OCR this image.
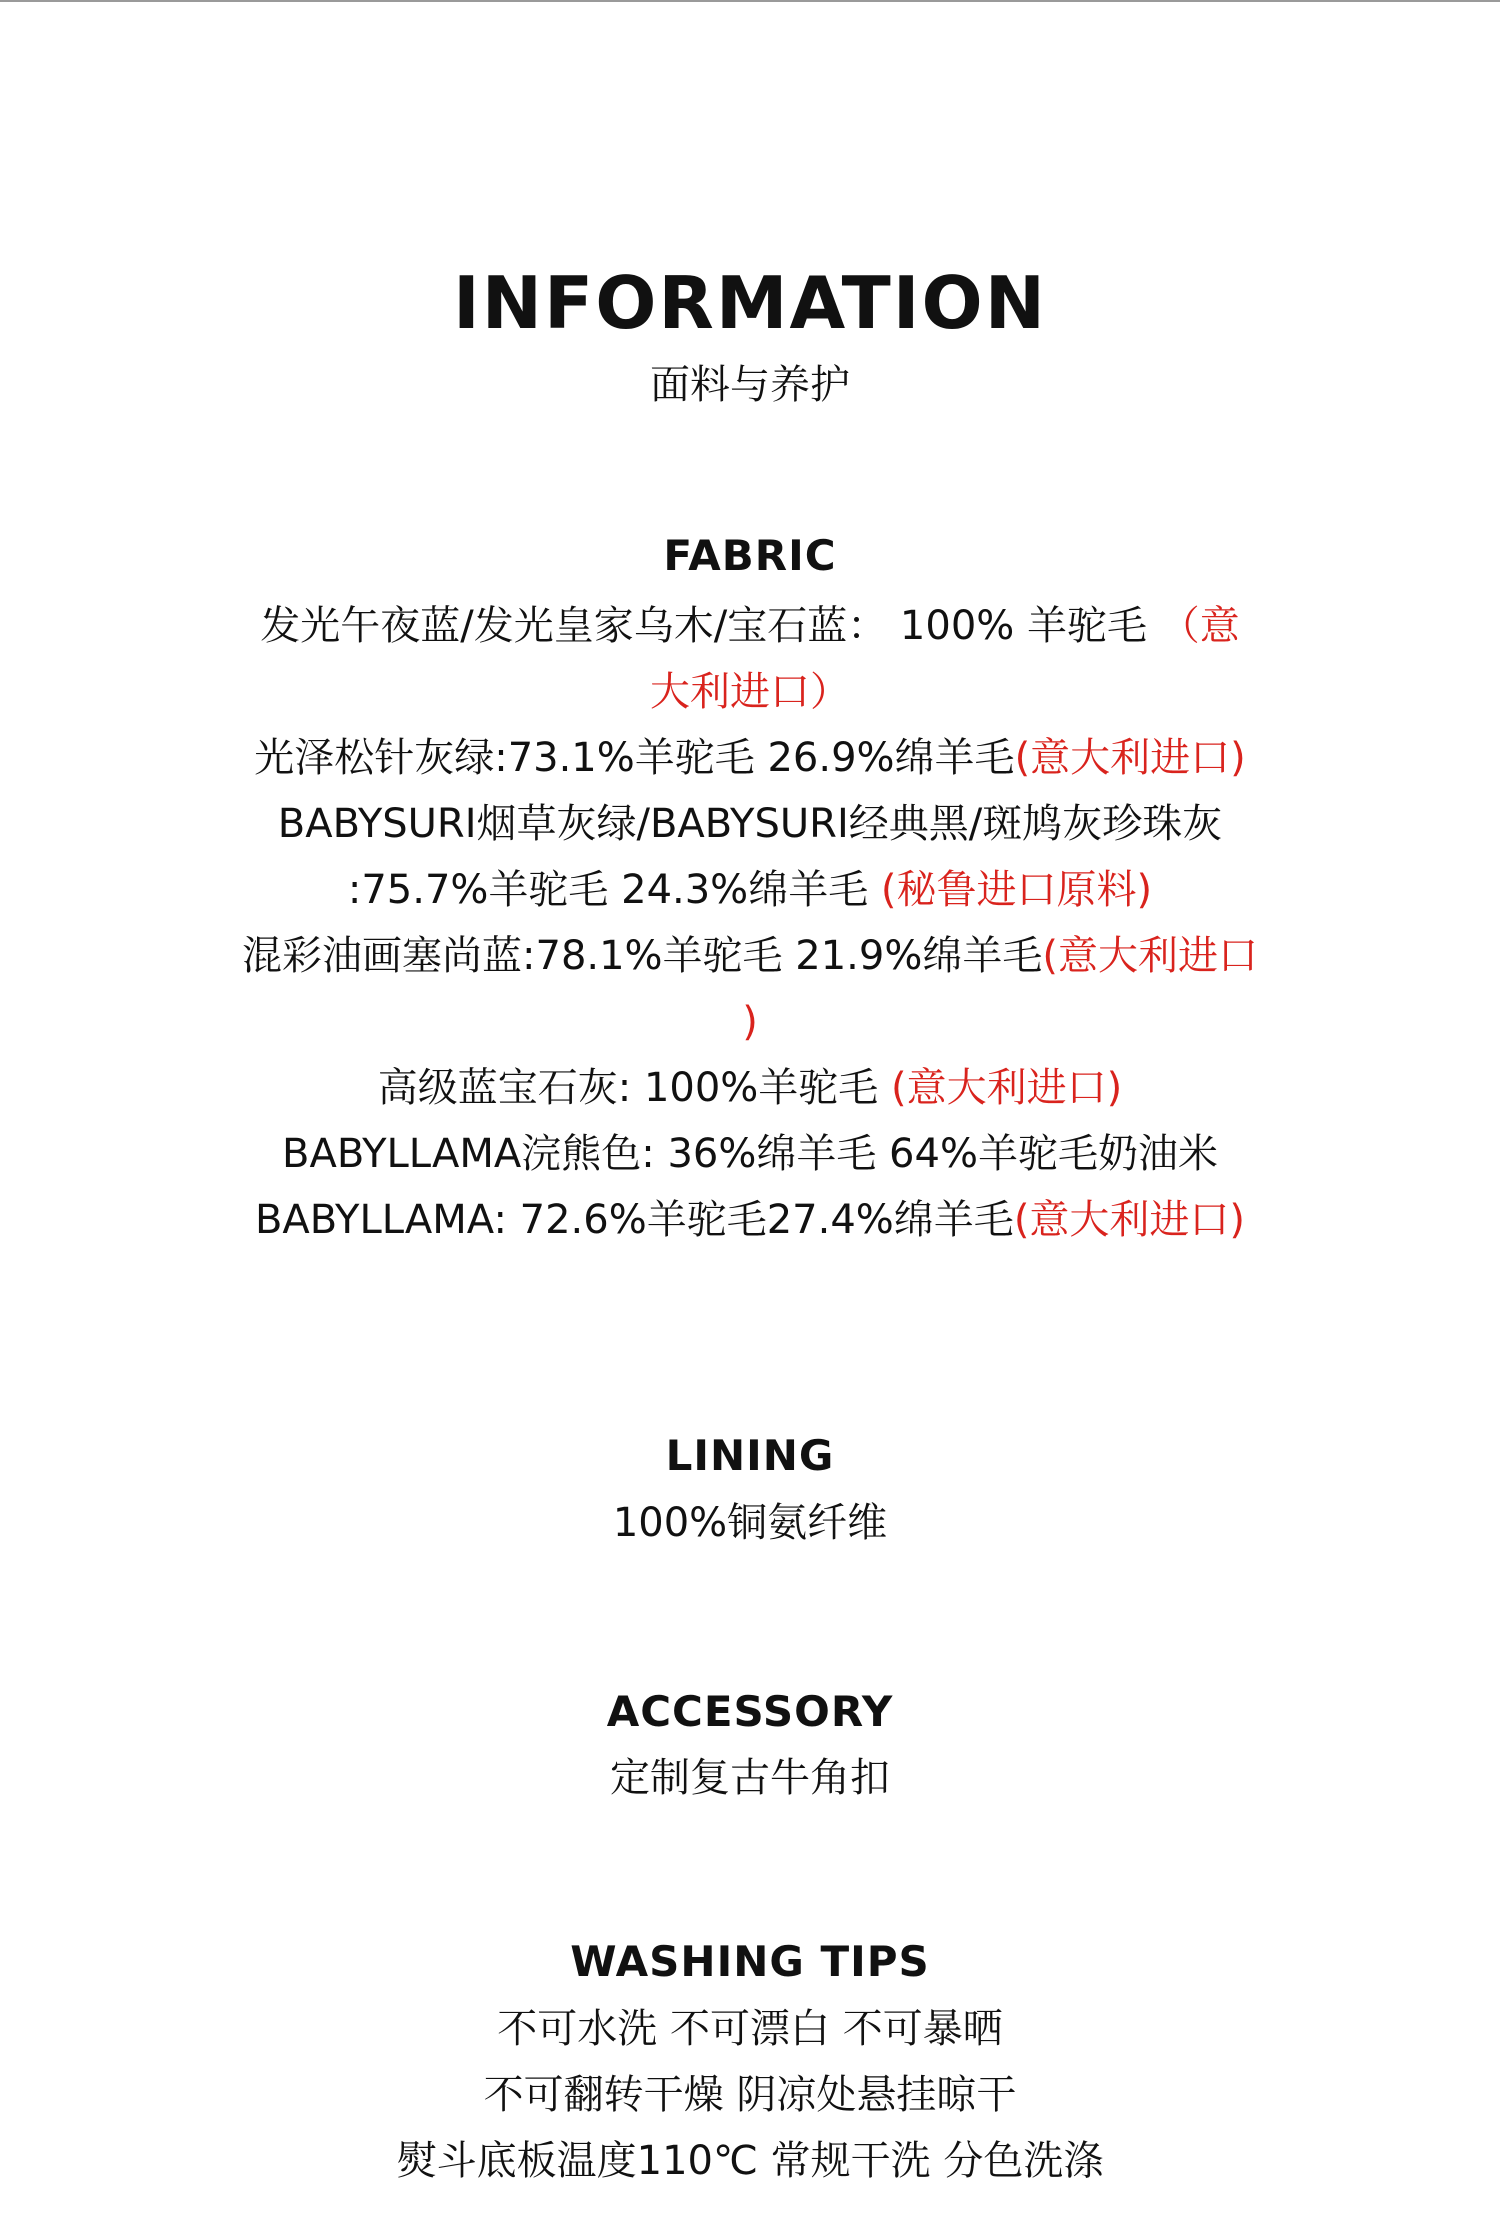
INFORMATION
面料与养护
FABRIC
发光午夜蓝/发光皇家乌木/宝石蓝： 100% 羊驼毛 （意
大利进口）
光泽松针灰绿:73.1%羊驼毛 26.9%绵羊毛(意大利进口)
BABYSURI烟草灰绿/BABYSURI经典黑/斑鸠灰珍珠灰
:75.7%羊驼毛 24.3%绵羊毛 (秘鲁进口原料)
混彩油画塞尚蓝:78.1%羊驼毛 21.9%绵羊毛(意大利进口
)
高级蓝宝石灰: 100%羊驼毛 (意大利进口)
BABYLLAMA浣熊色: 36%绵羊毛 64%羊驼毛奶油米
BABYLLAMA: 72.6%羊驼毛27.4%绵羊毛(意大利进口)
LINING
100%铜氨纤维
ACCESSORY
定制复古牛角扣
WASHING TIPS
不可水洗 不可漂白 不可暴晒
不可翻转干燥 阴凉处悬挂晾干
熨斗底板温度110℃ 常规干洗 分色洗涤
